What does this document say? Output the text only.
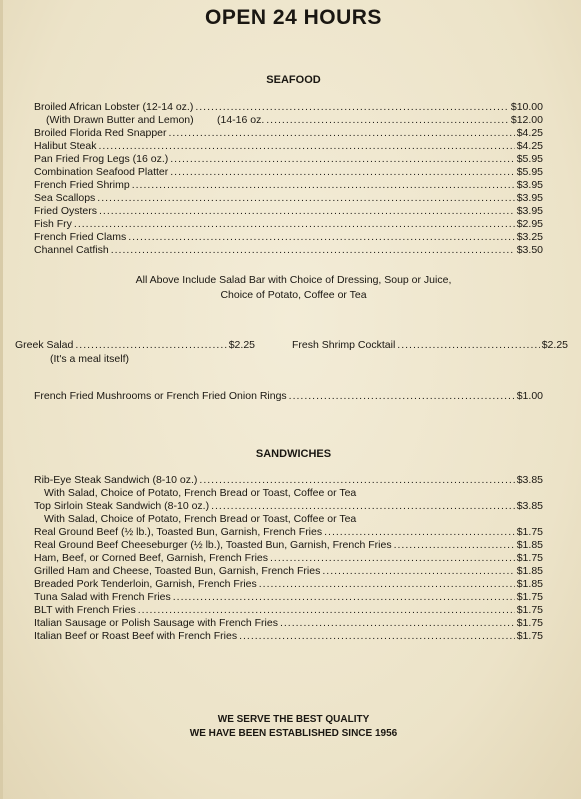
OPEN 24 HOURS
SEAFOOD
Broiled African Lobster (12-14 oz.) .....	$10.00
(With Drawn Butter and Lemon)        (14-16 oz. .....	$12.00
Broiled Florida Red Snapper .....	$4.25
Halibut Steak .....	$4.25
Pan Fried Frog Legs (16 oz.) .....	$5.95
Combination Seafood Platter .....	$5.95
French Fried Shrimp .....	$3.95
Sea Scallops .....	$3.95
Fried Oysters .....	$3.95
Fish Fry .....	$2.95
French Fried Clams .....	$3.25
Channel Catfish .....	$3.50
All Above Include Salad Bar with Choice of Dressing, Soup or Juice,
Choice of Potato, Coffee or Tea
Greek Salad .....	$2.25
(It's a meal itself)
Fresh Shrimp Cocktail .....	$2.25
French Fried Mushrooms or French Fried Onion Rings .....	$1.00
SANDWICHES
Rib-Eye Steak Sandwich (8-10 oz.) .....	$3.85
With Salad, Choice of Potato, French Bread or Toast, Coffee or Tea
Top Sirloin Steak Sandwich (8-10 oz.) .....	$3.85
With Salad, Choice of Potato, French Bread or Toast, Coffee or Tea
Real Ground Beef (½ lb.), Toasted Bun, Garnish, French Fries .....	$1.75
Real Ground Beef Cheeseburger (½ lb.), Toasted Bun, Garnish, French Fries .....	$1.85
Ham, Beef, or Corned Beef, Garnish, French Fries .....	$1.75
Grilled Ham and Cheese, Toasted Bun, Garnish, French Fries .....	$1.85
Breaded Pork Tenderloin, Garnish, French Fries .....	$1.85
Tuna Salad with French Fries .....	$1.75
BLT with French Fries .....	$1.75
Italian Sausage or Polish Sausage with French Fries .....	$1.75
Italian Beef or Roast Beef with French Fries .....	$1.75
WE SERVE THE BEST QUALITY
WE HAVE BEEN ESTABLISHED SINCE 1956
